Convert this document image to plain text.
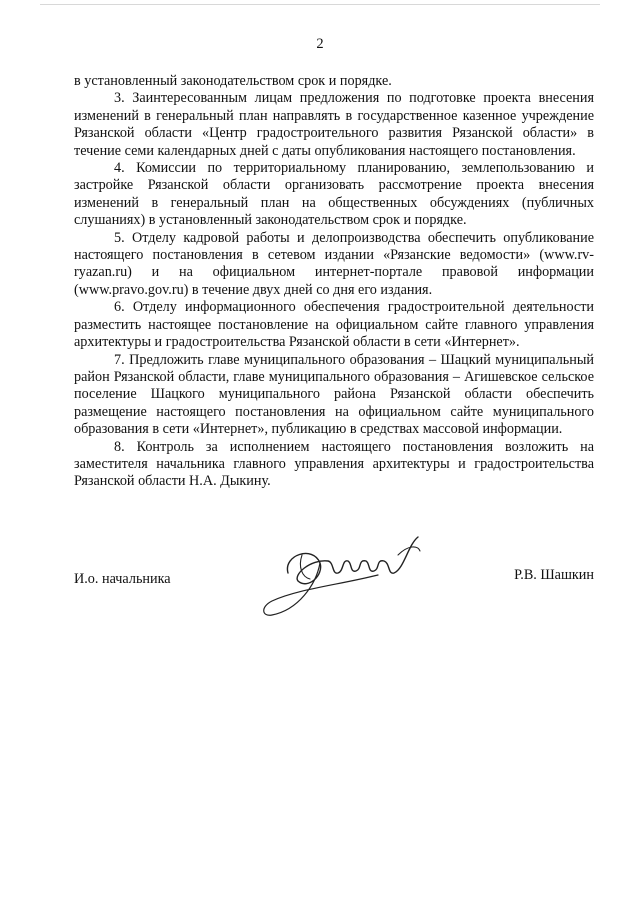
2

в установленный законодательством срок и порядке.

3. Заинтересованным лицам предложения по подготовке проекта внесения изменений в генеральный план направлять в государственное казенное учреждение Рязанской области «Центр градостроительного развития Рязанской области» в течение семи календарных дней с даты опубликования настоящего постановления.

4. Комиссии по территориальному планированию, землепользованию и застройке Рязанской области организовать рассмотрение проекта внесения изменений в генеральный план на общественных обсуждениях (публичных слушаниях) в установленный законодательством срок и порядке.

5. Отделу кадровой работы и делопроизводства обеспечить опубликование настоящего постановления в сетевом издании «Рязанские ведомости» (www.rv-ryazan.ru) и на официальном интернет-портале правовой информации (www.pravo.gov.ru) в течение двух дней со дня его издания.

6. Отделу информационного обеспечения градостроительной деятельности разместить настоящее постановление на официальном сайте главного управления архитектуры и градостроительства Рязанской области в сети «Интернет».

7. Предложить главе муниципального образования – Шацкий муниципальный район Рязанской области, главе муниципального образования – Агишевское сельское поселение Шацкого муниципального района Рязанской области обеспечить размещение настоящего постановления на официальном сайте муниципального образования в сети «Интернет», публикацию в средствах массовой информации.

8. Контроль за исполнением настоящего постановления возложить на заместителя начальника главного управления архитектуры и градостроительства Рязанской области Н.А. Дыкину.

И.о. начальника	Р.В. Шашкин
